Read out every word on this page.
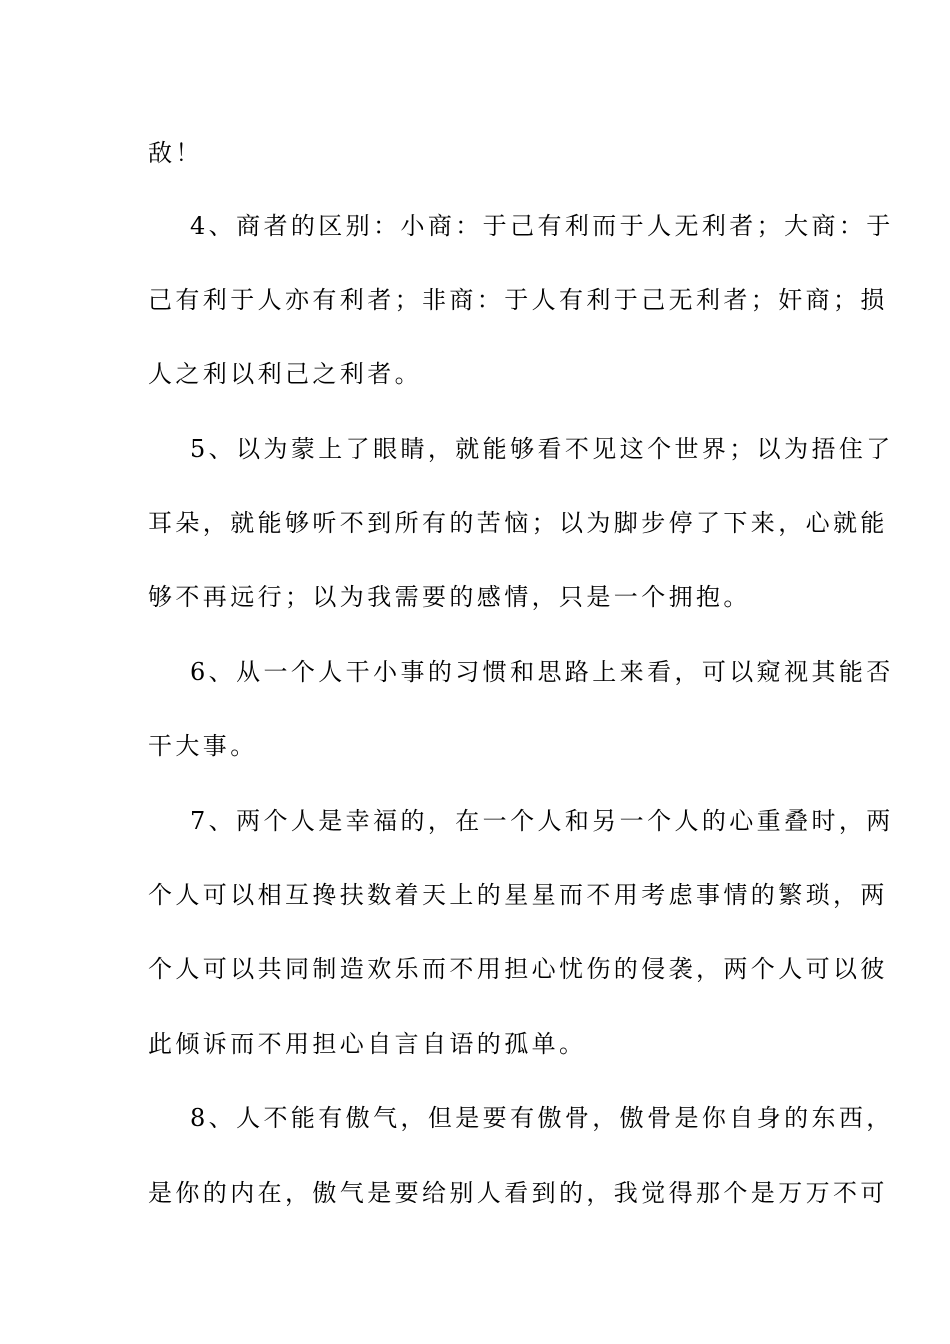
敌！
4、商者的区别：小商：于己有利而于人无利者；大商：于
己有利于人亦有利者；非商：于人有利于己无利者；奸商；损
人之利以利己之利者。
5、以为蒙上了眼睛，就能够看不见这个世界；以为捂住了
耳朵，就能够听不到所有的苦恼；以为脚步停了下来，心就能
够不再远行；以为我需要的感情，只是一个拥抱。
6、从一个人干小事的习惯和思路上来看，可以窥视其能否
干大事。
7、两个人是幸福的，在一个人和另一个人的心重叠时，两
个人可以相互搀扶数着天上的星星而不用考虑事情的繁琐，两
个人可以共同制造欢乐而不用担心忧伤的侵袭，两个人可以彼
此倾诉而不用担心自言自语的孤单。
8、人不能有傲气，但是要有傲骨，傲骨是你自身的东西，
是你的内在，傲气是要给别人看到的，我觉得那个是万万不可
